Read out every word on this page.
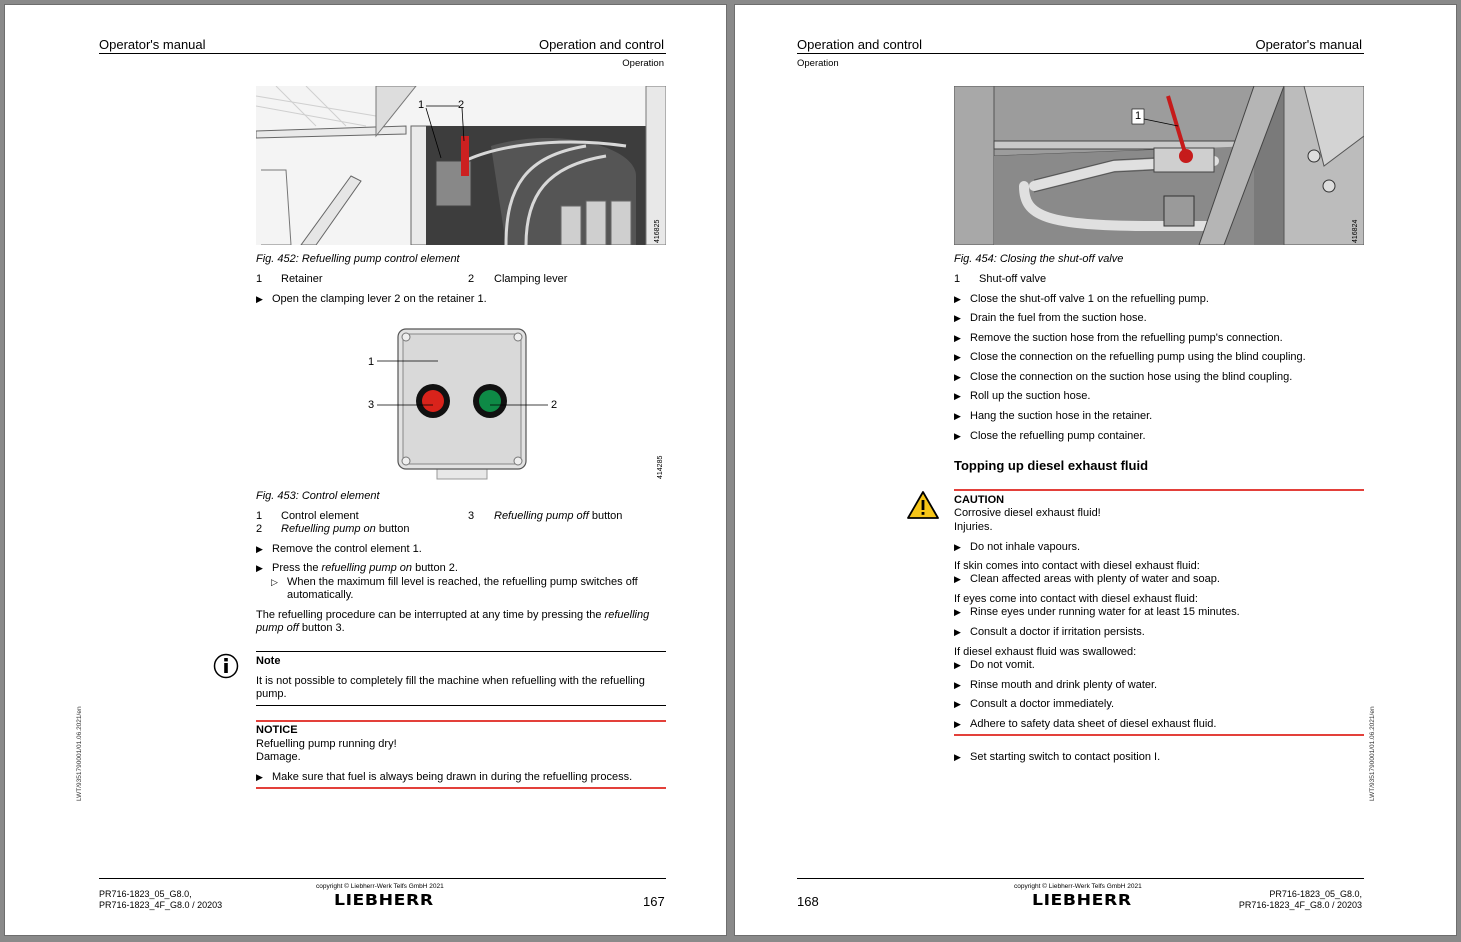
Operator's manual	Operation and control
Operation
1	2
416825
Fig. 452: Refuelling pump control element
1 Retainer	2 Clamping lever
▶ Open the clamping lever 2 on the retainer 1.
1
3	2
414285
Fig. 453: Control element
1 Control element	3 Refuelling pump off button
2 Refuelling pump on button
▶ Remove the control element 1.
▶ Press the refuelling pump on button 2.
▷ When the maximum fill level is reached, the refuelling pump switches off
automatically.
The refuelling procedure can be interrupted at any time by pressing the refuelling
pump off button 3.
Note
It is not possible to completely fill the machine when refuelling with the refuelling
pump.
NOTICE
Refuelling pump running dry!
Damage.
▶ Make sure that fuel is always being drawn in during the refuelling process.
LWT/9351790001/01.06.2021/en
PR716-1823_05_G8.0,
PR716-1823_4F_G8.0 / 20203
copyright © Liebherr-Werk Telfs GmbH 2021
LIEBHERR	167
Operation and control	Operator's manual
Operation
1
416824
Fig. 454: Closing the shut-off valve
1 Shut-off valve
▶ Close the shut-off valve 1 on the refuelling pump.
▶ Drain the fuel from the suction hose.
▶ Remove the suction hose from the refuelling pump's connection.
▶ Close the connection on the refuelling pump using the blind coupling.
▶ Close the connection on the suction hose using the blind coupling.
▶ Roll up the suction hose.
▶ Hang the suction hose in the retainer.
▶ Close the refuelling pump container.
Topping up diesel exhaust fluid
CAUTION
Corrosive diesel exhaust fluid!
Injuries.
▶ Do not inhale vapours.
If skin comes into contact with diesel exhaust fluid:
▶ Clean affected areas with plenty of water and soap.
If eyes come into contact with diesel exhaust fluid:
▶ Rinse eyes under running water for at least 15 minutes.
▶ Consult a doctor if irritation persists.
If diesel exhaust fluid was swallowed:
▶ Do not vomit.
▶ Rinse mouth and drink plenty of water.
▶ Consult a doctor immediately.
▶ Adhere to safety data sheet of diesel exhaust fluid.
▶ Set starting switch to contact position I.	LWT/9351790001/01.06.2021/en
168
copyright © Liebherr-Werk Telfs GmbH 2021
LIEBHERR	PR716-1823_05_G8.0,
PR716-1823_4F_G8.0 / 20203
